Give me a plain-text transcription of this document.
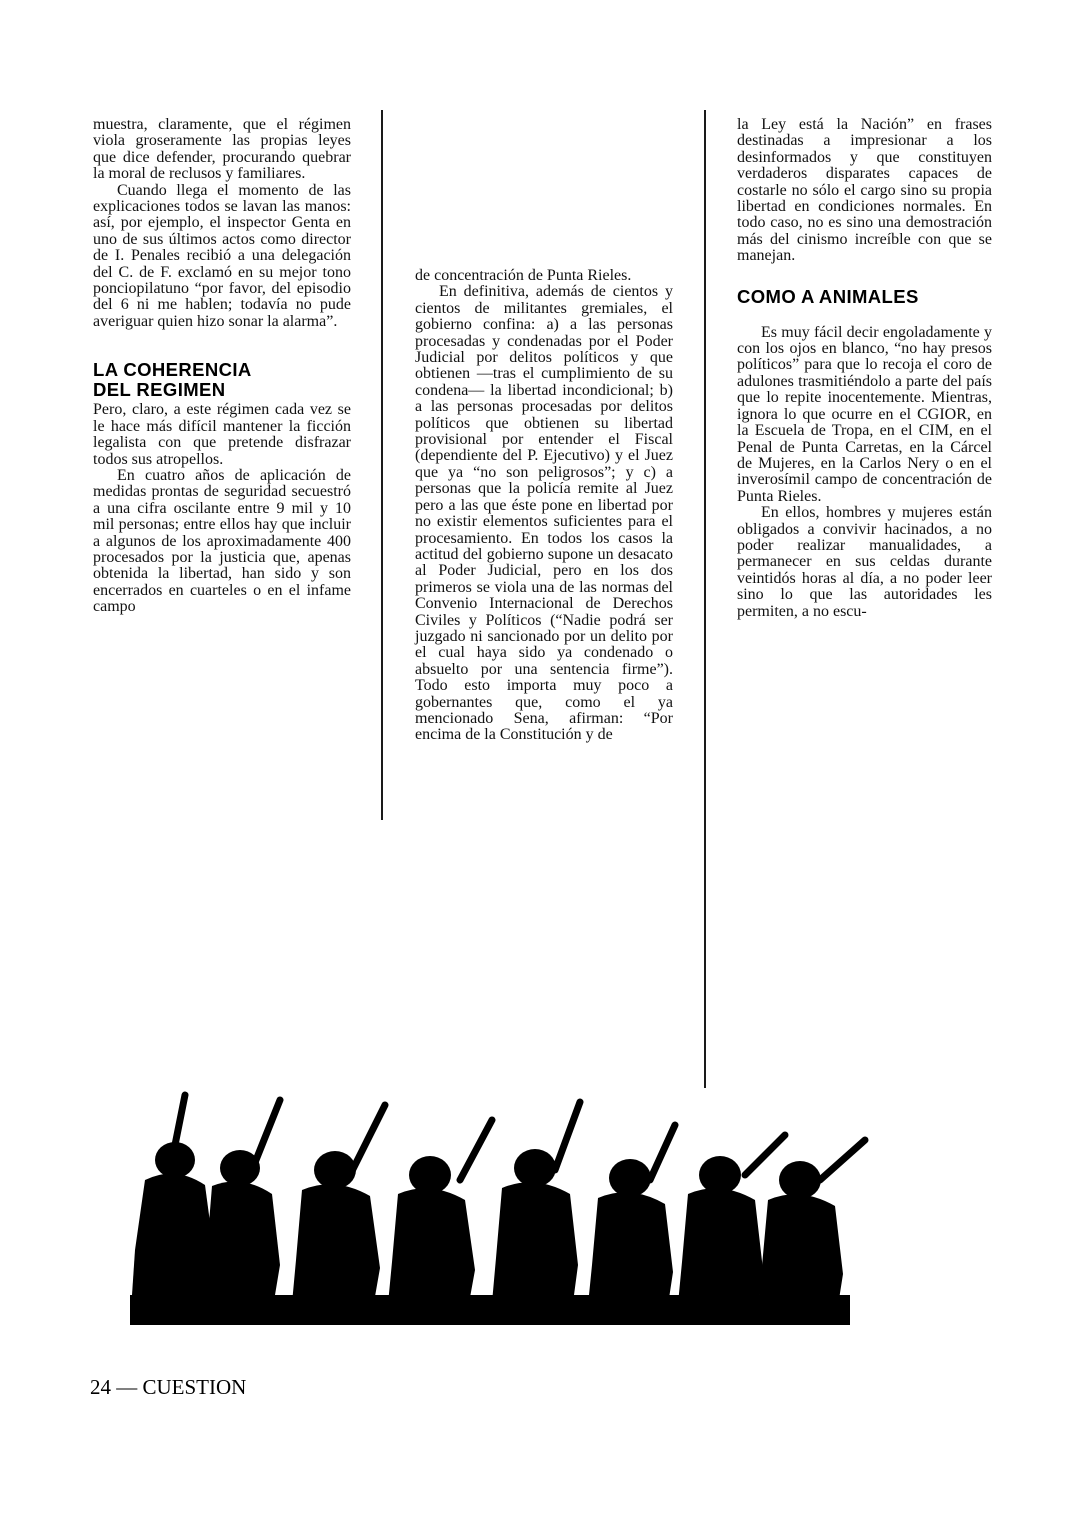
muestra, claramente, que el régimen viola groseramente las propias leyes que dice defender, procurando quebrar la moral de reclusos y familiares.

Cuando llega el momento de las explicaciones todos se lavan las manos: así, por ejemplo, el inspector Genta en uno de sus últimos actos como director de I. Penales recibió a una delegación del C. de F. exclamó en su mejor tono ponciopilatuno “por favor, del episodio del 6 ni me hablen; todavía no pude averiguar quien hizo sonar la alarma”.

LA COHERENCIA
DEL REGIMEN

Pero, claro, a este régimen cada vez se le hace más difícil mantener la ficción legalista con que pretende disfrazar todos sus atropellos.

En cuatro años de aplicación de medidas prontas de seguridad secuestró a una cifra oscilante entre 9 mil y 10 mil personas; entre ellos hay que incluir a algunos de los aproximadamente 400 procesados por la justicia que, apenas obtenida la libertad, han sido y son encerrados en cuarteles o en el infame campo

de concentración de Punta Rieles.

En definitiva, además de cientos y cientos de militantes gremiales, el gobierno confina: a) a las personas procesadas y condenadas por el Poder Judicial por delitos políticos y que obtienen —tras el cumplimiento de su condena— la libertad incondicional; b) a las personas procesadas por delitos políticos que obtienen su libertad provisional por entender el Fiscal (dependiente del P. Ejecutivo) y el Juez que ya “no son peligrosos”; y c) a personas que la policía remite al Juez pero a las que éste pone en libertad por no existir elementos suficientes para el procesamiento. En todos los casos la actitud del gobierno supone un desacato al Poder Judicial, pero en los dos primeros se viola una de las normas del Convenio Internacional de Derechos Civiles y Políticos (“Nadie podrá ser juzgado ni sancionado por un delito por el cual haya sido ya condenado o absuelto por una sentencia firme”). Todo esto importa muy poco a gobernantes que, como el ya mencionado Sena, afirman: “Por encima de la Constitución y de

la Ley está la Nación” en frases destinadas a impresionar a los desinformados y que constituyen verdaderos disparates capaces de costarle no sólo el cargo sino su propia libertad en condiciones normales. En todo caso, no es sino una demostración más del cinismo increíble con que se manejan.

COMO A ANIMALES

Es muy fácil decir engoladamente y con los ojos en blanco, “no hay presos políticos” para que lo recoja el coro de adulones trasmitiéndolo a parte del país que lo repite inocentemente. Mientras, ignora lo que ocurre en el CGIOR, en la Escuela de Tropa, en el CIM, en el Penal de Punta Carretas, en la Cárcel de Mujeres, en la Carlos Nery o en el inverosímil campo de concentración de Punta Rieles.

En ellos, hombres y mujeres están obligados a convivir hacinados, a no poder realizar manualidades, a permanecer en sus celdas durante veintidós horas al día, a no poder leer sino lo que las autoridades les permiten, a no escu-

24 — CUESTION
